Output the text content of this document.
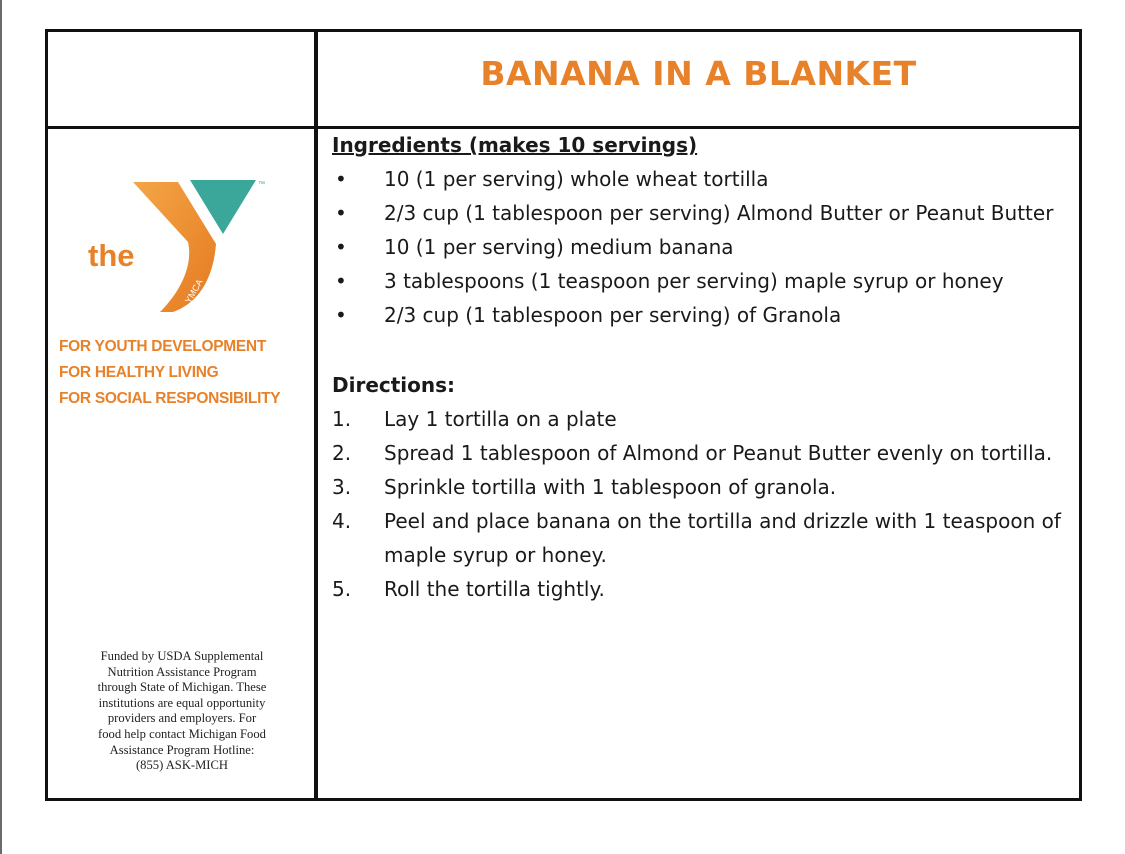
BANANA IN A BLANKET
the
YMCA
™
FOR YOUTH DEVELOPMENT
FOR HEALTHY LIVING
FOR SOCIAL RESPONSIBILITY
Funded by USDA Supplemental
Nutrition Assistance Program
through State of Michigan. These
institutions are equal opportunity
providers and employers. For
food help contact Michigan Food
Assistance Program Hotline:
(855) ASK-MICH
Ingredients (makes 10 servings)
• 10 (1 per serving) whole wheat tortilla
• 2/3 cup (1 tablespoon per serving) Almond Butter or Peanut Butter
• 10 (1 per serving) medium banana
• 3 tablespoons (1 teaspoon per serving) maple syrup or honey
• 2/3 cup (1 tablespoon per serving) of Granola
Directions:
1. Lay 1 tortilla on a plate
2. Spread 1 tablespoon of Almond or Peanut Butter evenly on tortilla.
3. Sprinkle tortilla with 1 tablespoon of granola.
4. Peel and place banana on the tortilla and drizzle with 1 teaspoon of maple syrup or honey.
5. Roll the tortilla tightly.
